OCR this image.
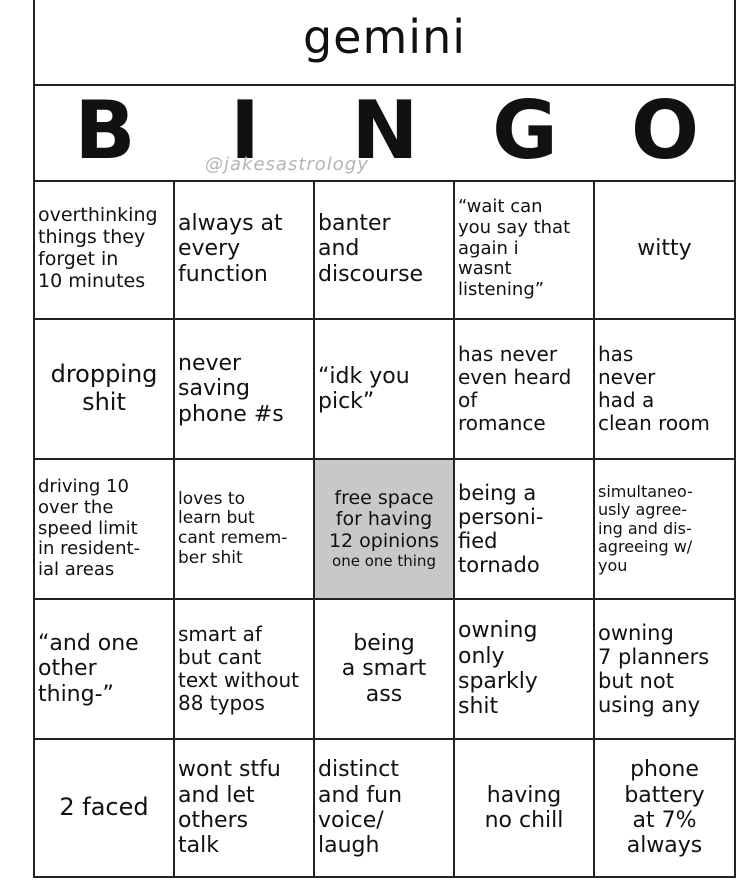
gemini
B	I	N G O
@jakesastrology
overthinking
things they
forget in
10 minutes
always at
every
function
banter
and
discourse
“wait can
you say that
again i
wasnt
listening”
witty
dropping
shit
never
saving
phone #s
“idk you
pick”
has never
even heard
of
romance
has
never
had a
clean room
driving 10
over the
speed limit
in resident-
ial areas
loves to
learn but
cant remem-
ber shit
free space
for having
12 opinions
one one thing
being a
personi-
fied
tornado
simultaneo-
usly agree-
ing and dis-
agreeing w/
you
“and one
other
thing-”
smart af
but cant
text without
88 typos
being
a smart
ass
owning
only
sparkly
shit
owning
7 planners
but not
using any
2 faced
wont stfu
and let
others
talk
distinct
and fun
voice/
laugh
having
no chill
phone
battery
at 7%
always
